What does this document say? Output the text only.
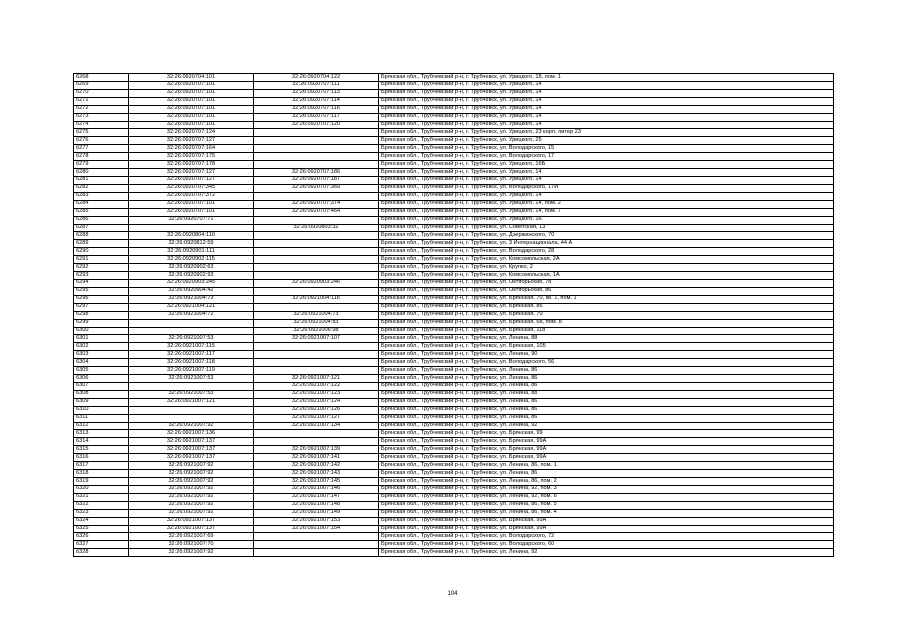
6268	32:26:0920704:101	32:26:0920704:122	Брянская обл., Трубчевский р-н, г. Трубчевск, ул. Урицкого, 18, пом. 1
6269	32:26:0920707:101	32:26:0920707:111	Брянская обл., Трубчевский р-н, г. Трубчевск, ул. Урицкого, 14
6270	32:26:0920707:101	32:26:0920707:113	Брянская обл., Трубчевский р-н, г. Трубчевск, ул. Урицкого, 14
6271	32:26:0920707:101	32:26:0920707:114	Брянская обл., Трубчевский р-н, г. Трубчевск, ул. Урицкого, 14
6272	32:26:0920707:101	32:26:0920707:116	Брянская обл., Трубчевский р-н, г. Трубчевск, ул. Урицкого, 14
6273	32:26:0920707:101	32:26:0920707:117	Брянская обл., Трубчевский р-н, г. Трубчевск, ул. Урицкого, 14
6274	32:26:0920707:101	32:26:0920707:120	Брянская обл., Трубчевский р-н, г. Трубчевск, ул. Урицкого, 14
6275	32:26:0920707:124		Брянская обл., Трубчевский р-н, г. Трубчевск, ул. Урицкого, 23 корп. литер 23
6276	32:26:0920707:127		Брянская обл., Трубчевский р-н, г. Трубчевск, ул. Урицкого, 25
6277	32:26:0920707:164		Брянская обл., Трубчевский р-н, г. Трубчевск, ул. Володарского, 15
6278	32:26:0920707:175		Брянская обл., Трубчевский р-н, г. Трубчевск, ул. Володарского, 17
6279	32:26:0920707:178		Брянская обл., Трубчевский р-н, г. Трубчевск, ул. Урицкого, 16Б
6280	32:26:0920707:127	32:26:0920707:186	Брянская обл., Трубчевский р-н, г. Трубчевск, ул. Урицкого, 14
6281	32:26:0920707:127	32:26:0920707:187	Брянская обл., Трубчевский р-н, г. Трубчевск, ул. Урицкого, 14
6282	32:26:0920707:345	32:26:0920707:369	Брянская обл., Трубчевский р-н, г. Трубчевск, ул. Володарского, 17И
6283	32:26:0920707:372		Брянская обл., Трубчевский р-н, г. Трубчевск, ул. Урицкого, 14
6284	32:26:0920707:101	32:26:0920707:374	Брянская обл., Трубчевский р-н, г. Трубчевск, ул. Урицкого, 14, пом. 2
6285	32:26:0920707:101	32:26:0920707:464	Брянская обл., Трубчевский р-н, г. Трубчевск, ул. Урицкого, 14, пом. 7
6286	32:26:0920707:71		Брянская обл., Трубчевский р-н, г. Трубчевск, ул. Урицкого, 16
6287		32:26:0920803:32	Брянская обл., Трубчевский р-н, г. Трубчевск, ул. Советская, 13
6288	32:26:0920804:110		Брянская обл., Трубчевский р-н, г. Трубчевск, ул. Дзержинского, 70
6289	32:26:0920812:59		Брянская обл., Трубчевский р-н, г. Трубчевск, ул. 3 Интернационала, 44 А
6290	32:26:0920901:111		Брянская обл., Трубчевский р-н, г. Трубчевск, ул. Володарского, 28
6291	32:26:0920902:115		Брянская обл., Трубчевский р-н, г. Трубчевск, ул. Комсомольская, 2А
6292	32:26:0920902:63		Брянская обл., Трубчевский р-н, г. Трубчевск, ул. Крупко, 2
6293	32:26:0920902:93		Брянская обл., Трубчевский р-н, г. Трубчевск, ул. Комсомольская, 1А
6294	32:26:0920903:245	32:26:0920903:246	Брянская обл., Трубчевский р-н, г. Трубчевск, ул. Октябрьская, 78
6295	32:26:0920904:42		Брянская обл., Трубчевский р-н, г. Трубчевск, ул. Октябрьская, 86
6296	32:26:0921004:73	32:26:0921004:116	Брянская обл., Трубчевский р-н, г. Трубчевск, ул. Брянская, 70, кв. 1, пом. 1
6297	32:26:0921004:121		Брянская обл., Трубчевский р-н, г. Трубчевск, ул. Брянская, 86
6298	32:26:0921004:72	32:26:0921004:73	Брянская обл., Трубчевский р-н, г. Трубчевск, ул. Брянская, 70
6299		32:26:0921004:83	Брянская обл., Трубчевский р-н, г. Трубчевск, ул. Брянская, 68, пом. 8
6300		32:26:0921006:98	Брянская обл., Трубчевский р-н, г. Трубчевск, ул. Брянская, 118
6301	32:26:0921007:53	32:26:0921007:107	Брянская обл., Трубчевский р-н, г. Трубчевск, ул. Ленина, 88
6302	32:26:0921007:115		Брянская обл., Трубчевский р-н, г. Трубчевск, ул. Брянская, 105
6303	32:26:0921007:117		Брянская обл., Трубчевский р-н, г. Трубчевск, ул. Ленина, 90
6304	32:26:0921007:118		Брянская обл., Трубчевский р-н, г. Трубчевск, ул. Володарского, 56
6305	32:26:0921007:119		Брянская обл., Трубчевский р-н, г. Трубчевск, ул. Ленина, 86
6306	32:26:0921007:53	32:26:0921007:121	Брянская обл., Трубчевский р-н, г. Трубчевск, ул. Ленина, 86
6307		32:26:0921007:122	Брянская обл., Трубчевский р-н, г. Трубчевск, ул. Ленина, 86
6308	32:26:0921007:53	32:26:0921007:123	Брянская обл., Трубчевский р-н, г. Трубчевск, ул. Ленина, 88
6309	32:26:0921007:121	32:26:0921007:124	Брянская обл., Трубчевский р-н, г. Трубчевск, ул. Ленина, 86
6310		32:26:0921007:126	Брянская обл., Трубчевский р-н, г. Трубчевск, ул. Ленина, 86
6311		32:26:0921007:127	Брянская обл., Трубчевский р-н, г. Трубчевск, ул. Ленина, 86
6312	32:26:0921007:92	32:26:0921007:134	Брянская обл., Трубчевский р-н, г. Трубчевск, ул. Ленина, 92
6313	32:26:0921007:136		Брянская обл., Трубчевский р-н, г. Трубчевск, ул. Брянская, 99
6314	32:26:0921007:137		Брянская обл., Трубчевский р-н, г. Трубчевск, ул. Брянская, 99А
6315	32:26:0921007:137	32:26:0921007:139	Брянская обл., Трубчевский р-н, г. Трубчевск, ул. Брянская, 99А
6316	32:26:0921007:137	32:26:0921007:141	Брянская обл., Трубчевский р-н, г. Трубчевск, ул. Брянская, 99А
6317	32:26:0921007:92	32:26:0921007:142	Брянская обл., Трубчевский р-н, г. Трубчевск, ул. Ленина, 86, пом. 1
6318	32:26:0921007:92	32:26:0921007:143	Брянская обл., Трубчевский р-н, г. Трубчевск, ул. Ленина, 86
6319	32:26:0921007:92	32:26:0921007:145	Брянская обл., Трубчевский р-н, г. Трубчевск, ул. Ленина, 86, пом. 2
6320	32:26:0921007:92	32:26:0921007:146	Брянская обл., Трубчевский р-н, г. Трубчевск, ул. Ленина, 92, пом. 3
6321	32:26:0921007:92	32:26:0921007:147	Брянская обл., Трубчевский р-н, г. Трубчевск, ул. Ленина, 92, пом. 6
6322	32:26:0921007:92	32:26:0921007:148	Брянская обл., Трубчевский р-н, г. Трубчевск, ул. Ленина, 86, пом. 5
6323	32:26:0921007:92	32:26:0921007:149	Брянская обл., Трубчевский р-н, г. Трубчевск, ул. Ленина, 86, пом. 4
6324	32:26:0921007:137	32:26:0921007:153	Брянская обл., Трубчевский р-н, г. Трубчевск, ул. Брянская, 99А
6325	32:26:0921007:137	32:26:0921007:154	Брянская обл., Трубчевский р-н, г. Трубчевск, ул. Брянская, 99А
6326	32:26:0921007:69		Брянская обл., Трубчевский р-н, г. Трубчевск, ул. Володарского, 72
6327	32:26:0921007:70		Брянская обл., Трубчевский р-н, г. Трубчевск, ул. Володарского, 60
6328	32:26:0921007:92		Брянская обл., Трубчевский р-н, г. Трубчевск, ул. Ленина, 92
104
